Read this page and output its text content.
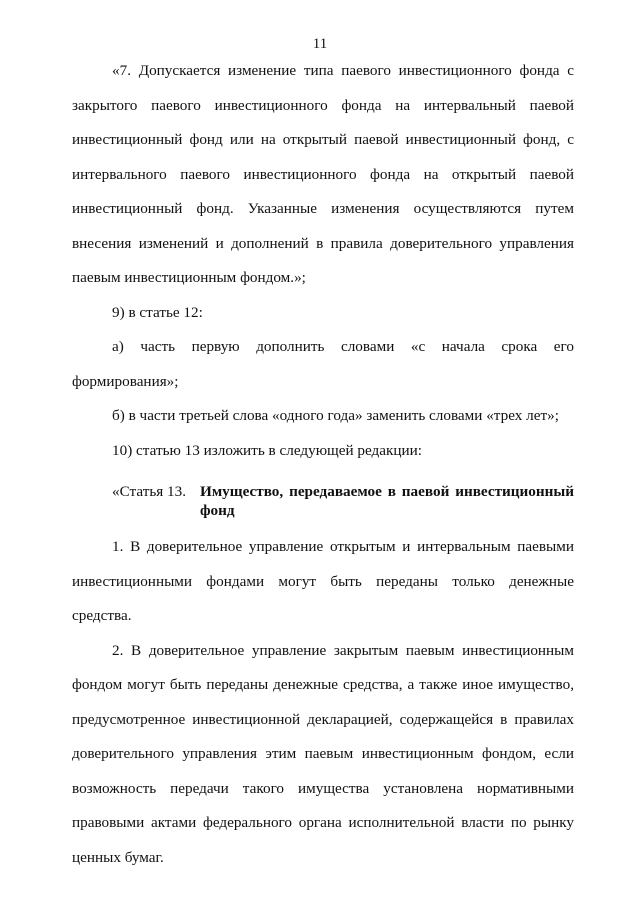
11

«7. Допускается изменение типа паевого инвестиционного фонда с закрытого паевого инвестиционного фонда на интервальный паевой инвестиционный фонд или на открытый паевой инвестиционный фонд, с интервального паевого инвестиционного фонда на открытый паевой инвестиционный фонд. Указанные изменения осуществляются путем внесения изменений и дополнений в правила доверительного управления паевым инвестиционным фондом.»;

9) в статье 12:

а) часть первую дополнить словами «с начала срока его формирования»;

б) в части третьей слова «одного года» заменить словами «трех лет»;

10) статью 13 изложить в следующей редакции:

«Статья 13. Имущество, передаваемое в паевой инвестиционный фонд

1. В доверительное управление открытым и интервальным паевыми инвестиционными фондами могут быть переданы только денежные средства.

2. В доверительное управление закрытым паевым инвестиционным фондом могут быть переданы денежные средства, а также иное имущество, предусмотренное инвестиционной декларацией, содержащейся в правилах доверительного управления этим паевым инвестиционным фондом, если возможность передачи такого имущества установлена нормативными правовыми актами федерального органа исполнительной власти по рынку ценных бумаг.
